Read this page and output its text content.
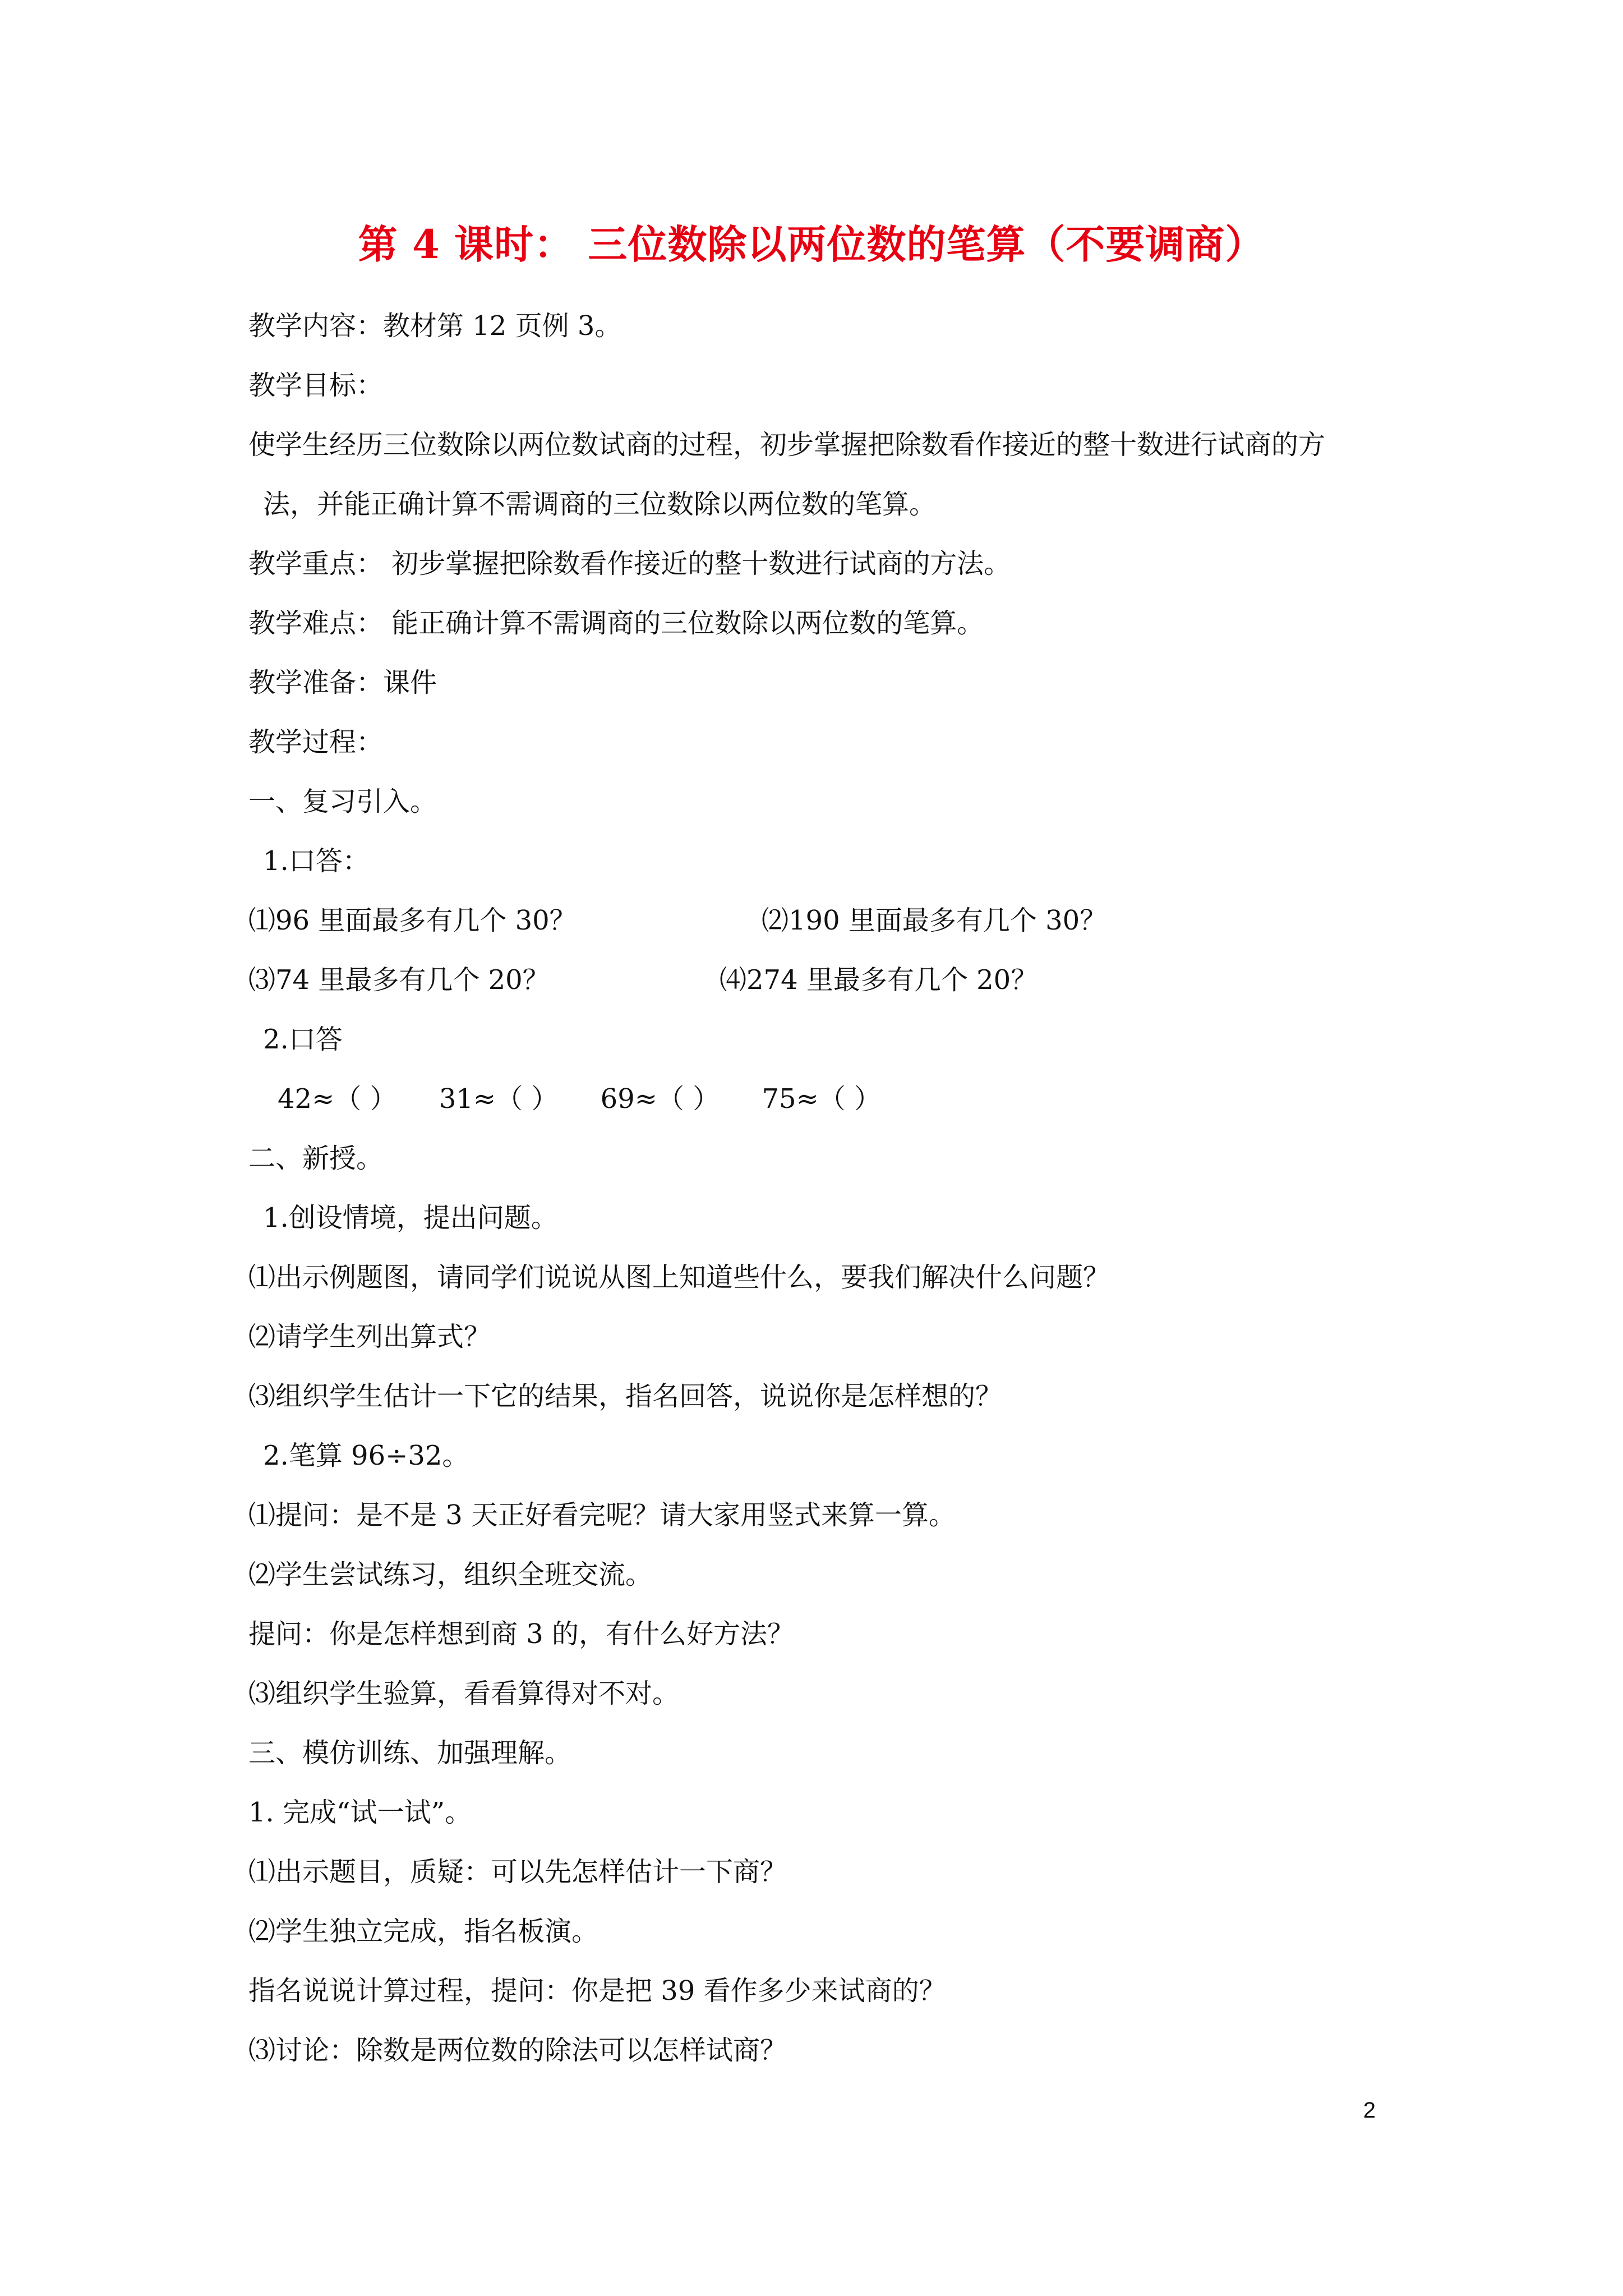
第 4 课时： 三位数除以两位数的笔算（不要调商）
教学内容：教材第 12 页例 3。
教学目标：
使学生经历三位数除以两位数试商的过程，初步掌握把除数看作接近的整十数进行试商的方
法，并能正确计算不需调商的三位数除以两位数的笔算。
教学重点： 初步掌握把除数看作接近的整十数进行试商的方法。
教学难点： 能正确计算不需调商的三位数除以两位数的笔算。
教学准备：课件
教学过程：
一、复习引入。
1.口答：
⑴96 里面最多有几个 30？	⑵190 里面最多有几个 30？
⑶74 里最多有几个 20？	⑷274 里最多有几个 20？
2.口答
42≈（ ） 31≈（ ） 69≈（ ） 75≈（ ）
二、新授。
1.创设情境，提出问题。
⑴出示例题图，请同学们说说从图上知道些什么，要我们解决什么问题？
⑵请学生列出算式？
⑶组织学生估计一下它的结果，指名回答，说说你是怎样想的？
2.笔算 96÷32。
⑴提问：是不是 3 天正好看完呢？请大家用竖式来算一算。
⑵学生尝试练习，组织全班交流。
提问：你是怎样想到商 3 的，有什么好方法？
⑶组织学生验算，看看算得对不对。
三、模仿训练、加强理解。
1. 完成“试一试”。
⑴出示题目，质疑：可以先怎样估计一下商？
⑵学生独立完成，指名板演。
指名说说计算过程，提问：你是把 39 看作多少来试商的？
⑶讨论：除数是两位数的除法可以怎样试商？
2
